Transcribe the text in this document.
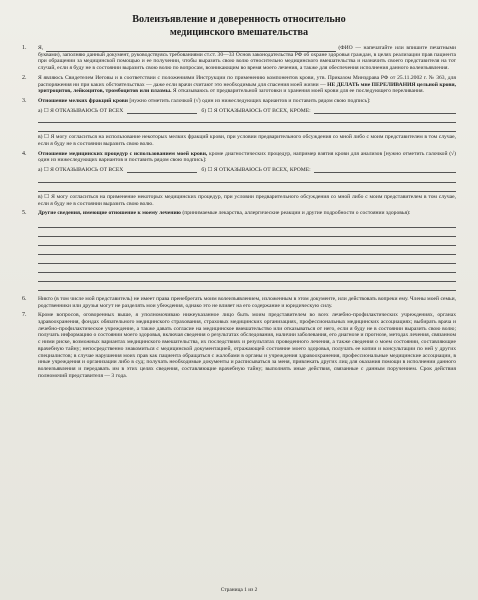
Волеизъявление и доверенность относительно
медицинского вмешательства
1.	Я,	(ФИО — напечатайте или впишите печатными буквами), заполняю данный документ, руководствуясь требованиями ст.ст. 30—33 Основ законодательства РФ об охране здоровья граждан, в целях реализации прав пациента при обращении за медицинской помощью и ее получении, чтобы выразить свою волю относительно медицинского вмешательства и назначить своего представителя на тот случай, если я буду не в состоянии выразить свою волю по вопросам, возникающим во время моего лечения, а также для обеспечения исполнения данного волеизъявления.
2.	Я являюсь Свидетелем Иеговы и в соответствии с положениями Инструкции по применению компонентов крови, утв. Приказом Минздрава РФ от 25.11.2002 г. № 363, для распоряжения ни при каких обстоятельствах — даже если врачи считают это необходимым для спасения моей жизни — НЕ ДЕЛАТЬ мне ПЕРЕЛИВАНИЯ цельной крови, эритроцитов, лейкоцитов, тромбоцитов или плазмы. Я отказываюсь от предварительной заготовки и хранения моей крови для ее последующего переливания.
3.	Отношение мелких фракций крови [нужно отметить галочкой (√) один из нижеследующих вариантов и поставить рядом свою подпись]:
а) ☐ Я ОТКАЗЫВАЮСЬ ОТ ВСЕХ	б) ☐ Я ОТКАЗЫВАЮСЬ ОТ ВСЕХ, КРОМЕ:
в) ☐ Я могу согласиться на использование некоторых мелких фракций крови, при условии предварительного обсуждения со мной либо с моим представителем в том случае, если я буду не в состоянии выразить свою волю.
4.	Отношение медицинских процедур с использованием моей крови, кроме диагностических процедур, например взятия крови для анализов [нужно отметить галочкой (√) один из нижеследующих вариантов и поставить рядом свою подпись]:
а) ☐ Я ОТКАЗЫВАЮСЬ ОТ ВСЕХ	б) ☐ Я ОТКАЗЫВАЮСЬ ОТ ВСЕХ, КРОМЕ:
в) ☐ Я могу согласиться на применение некоторых медицинских процедур, при условии предварительного обсуждения со мной либо с моим представителем в том случае, если я буду не в состоянии выразить свою волю.
5.	Другие сведения, имеющие отношение к моему лечению (принимаемые лекарства, аллергические реакции и другие подробности о состоянии здоровья):
6.	Никто (в том числе мой представитель) не имеет права пренебрегать моим волеизъявлением, изложенным в этом документе, или действовать вопреки ему. Члены моей семьи, родственники или друзья могут не разделять мои убеждения, однако это не влияет на его содержание и юридическую силу.
7.	Кроме вопросов, оговоренных выше, я уполномочиваю нижеуказанное лицо быть моим представителем во всех лечебно-профилактических учреждениях, органах здравоохранения, фондах обязательного медицинского страхования, страховых медицинских организациях, профессиональных медицинских ассоциациях; выбирать врача и лечебно-профилактическое учреждение, а также давать согласие на медицинское вмешательство или отказываться от него, если я буду не в состоянии выразить свою волю; получать информацию о состоянии моего здоровья, включая сведения о результатах обследования, наличии заболевания, его диагнозе и прогнозе, методах лечения, связанном с ними риске, возможных вариантах медицинского вмешательства, их последствиях и результатах проведенного лечения, а также сведения о моем состоянии, составляющие врачебную тайну; непосредственно знакомиться с медицинской документацией, отражающей состояние моего здоровья, получать ее копии и консультации по ней у других специалистов; в случае нарушения моих прав как пациента обращаться с жалобами в органы и учреждения здравоохранения, профессиональные медицинские ассоциации, в иные учреждения и организации либо в суд; получать необходимые документы и расписываться за меня, привлекать других лиц для оказания помощи в исполнении данного волеизъявления и передавать им в этих целях сведения, составляющие врачебную тайну; выполнять иные действия, связанные с данным поручением. Срок действия полномочий представителя — 3 года.
Страница 1 из 2
